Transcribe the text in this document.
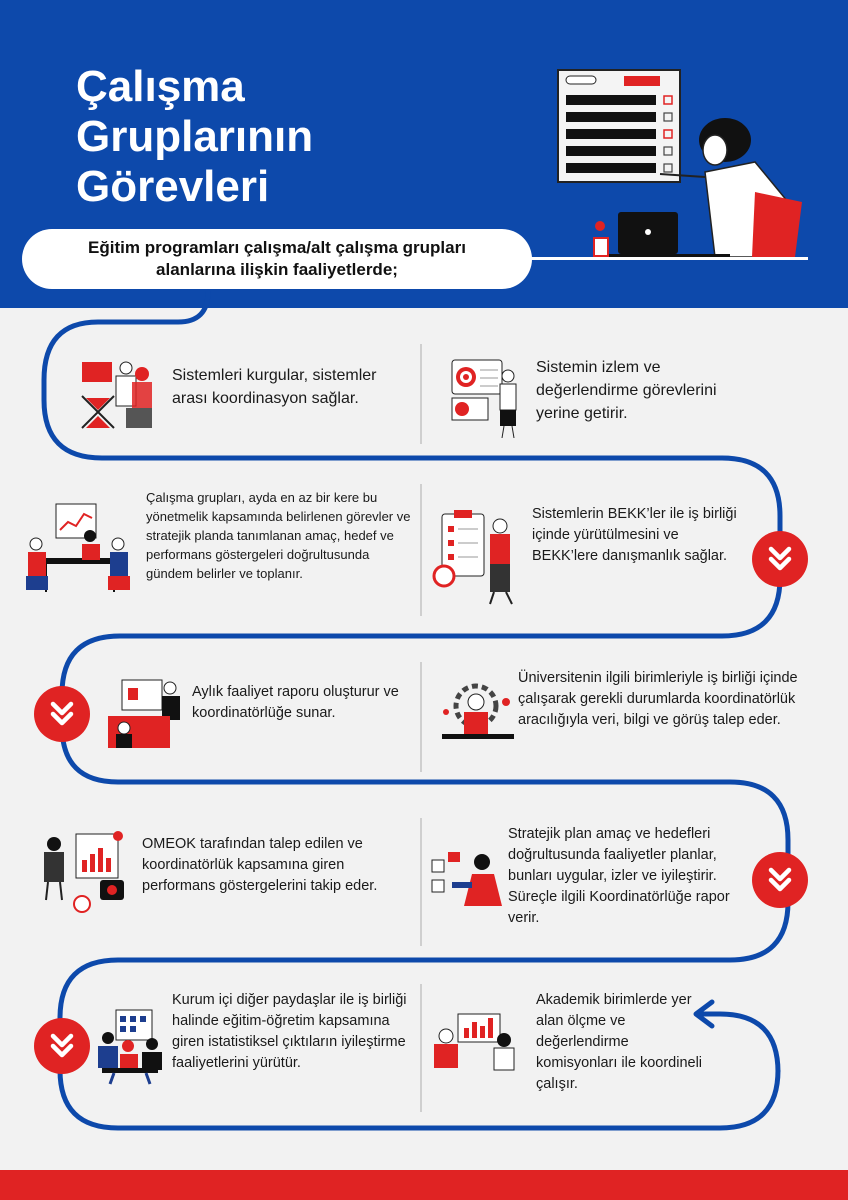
Çalışma
Gruplarının
Görevleri
Eğitim programları çalışma/alt çalışma grupları
alanlarına ilişkin faaliyetlerde;
Sistemleri kurgular, sistemler arası koordinasyon sağlar.
Sistemin izlem ve değerlendirme görevlerini yerine getirir.
Çalışma grupları, ayda en az bir kere bu yönetmelik kapsamında belirlenen görevler ve stratejik planda tanımlanan amaç, hedef ve performans göstergeleri doğrultusunda gündem belirler ve toplanır.
Sistemlerin BEKK’ler ile iş birliği içinde yürütülmesini ve BEKK’lere danışmanlık sağlar.
Aylık faaliyet raporu oluşturur ve koordinatörlüğe sunar.
Üniversitenin ilgili birimleriyle iş birliği içinde çalışarak gerekli durumlarda koordinatörlük aracılığıyla veri, bilgi ve görüş talep eder.
OMEOK tarafından talep edilen ve koordinatörlük kapsamına giren performans göstergelerini takip eder.
Stratejik plan amaç ve hedefleri doğrultusunda faaliyetler planlar, bunları uygular, izler ve iyileştirir. Süreçle ilgili Koordinatörlüğe rapor verir.
Kurum içi diğer paydaşlar ile iş birliği halinde eğitim-öğretim kapsamına giren istatistiksel çıktıların iyileştirme faaliyetlerini yürütür.
Akademik birimlerde yer alan ölçme ve değerlendirme komisyonları ile koordineli çalışır.
